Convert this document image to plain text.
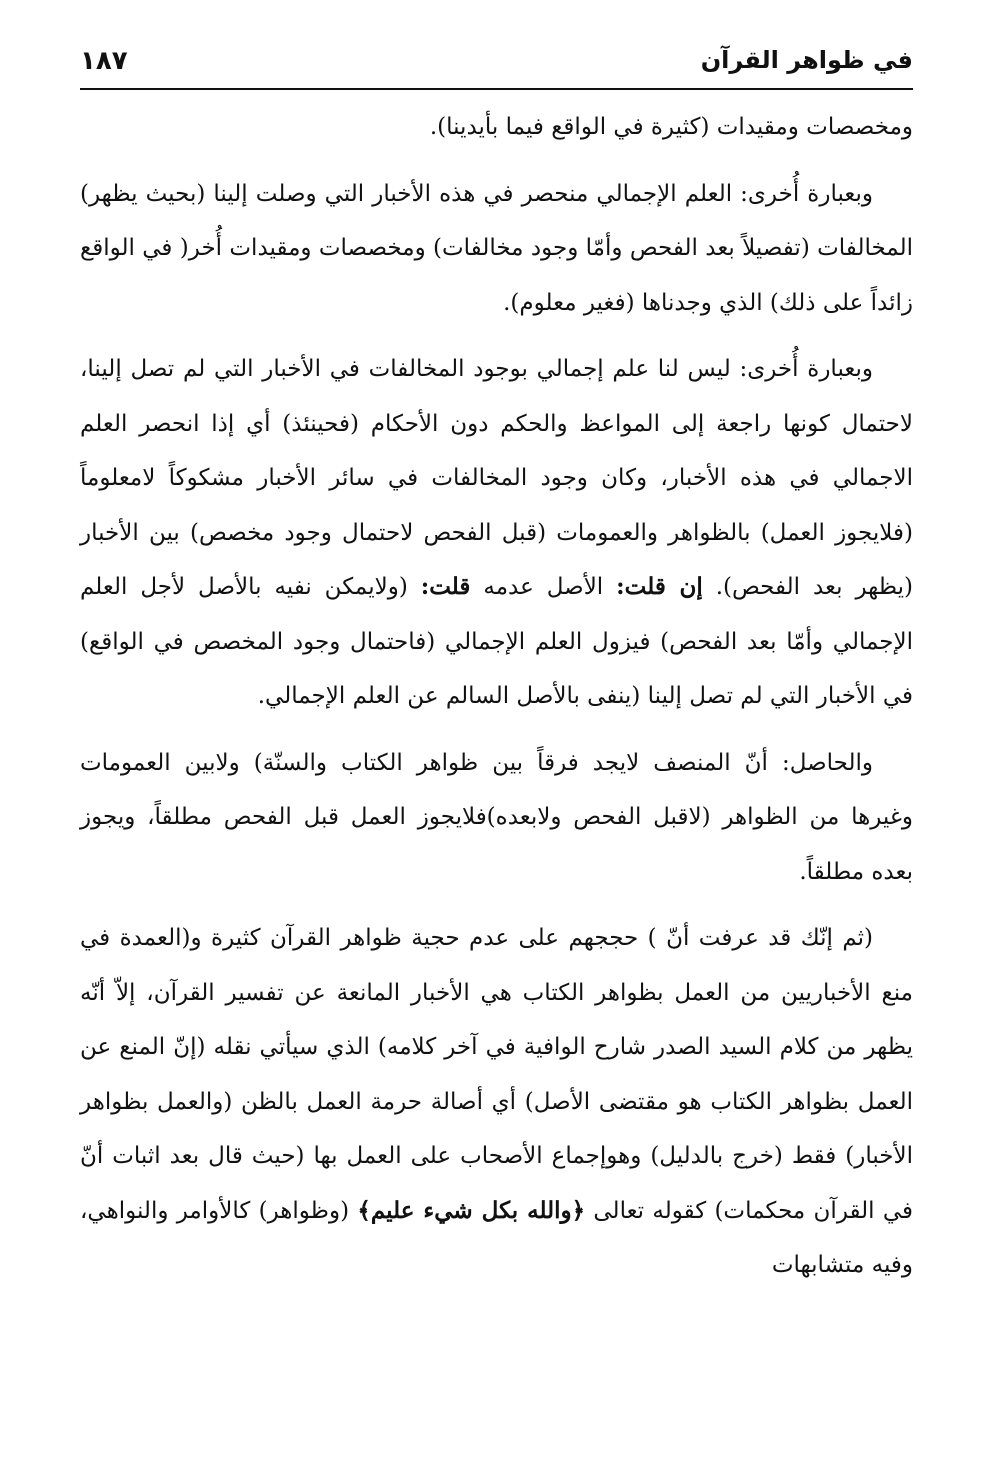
في ظواهر القرآن
١٨٧

ومخصصات ومقيدات (كثيرة في الواقع فيما بأيدينا).

وبعبارة أُخرى: العلم الإجمالي منحصر في هذه الأخبار التي وصلت إلينا (بحيث يظهر) المخالفات (تفصيلاً بعد الفحص وأمّا وجود مخالفات) ومخصصات ومقيدات أُخر( في الواقع زائداً على ذلك) الذي وجدناها (فغير معلوم).

وبعبارة أُخرى: ليس لنا علم إجمالي بوجود المخالفات في الأخبار التي لم تصل إلينا، لاحتمال كونها راجعة إلى المواعظ والحكم دون الأحكام (فحينئذ) أي إذا انحصر العلم الاجمالي في هذه الأخبار، وكان وجود المخالفات في سائر الأخبار مشكوكاً لامعلوماً (فلايجوز العمل) بالظواهر والعمومات (قبل الفحص لاحتمال وجود مخصص) بين الأخبار (يظهر بعد الفحص). إن قلت: الأصل عدمه قلت: (ولايمكن نفيه بالأصل لأجل العلم الإجمالي وأمّا بعد الفحص) فيزول العلم الإجمالي (فاحتمال وجود المخصص في الواقع) في الأخبار التي لم تصل إلينا (ينفى بالأصل السالم عن العلم الإجمالي.

والحاصل: أنّ المنصف لايجد فرقاً بين ظواهر الكتاب والسنّة) ولابين العمومات وغيرها من الظواهر (لاقبل الفحص ولابعده)فلايجوز العمل قبل الفحص مطلقاً، ويجوز بعده مطلقاً.

(ثم إنّك قد عرفت أنّ ) حججهم على عدم حجية ظواهر القرآن كثيرة و(العمدة في منع الأخباريين من العمل بظواهر الكتاب هي الأخبار المانعة عن تفسير القرآن، إلاّ أنّه يظهر من كلام السيد الصدر شارح الوافية في آخر كلامه) الذي سيأتي نقله (إنّ المنع عن العمل بظواهر الكتاب هو مقتضى الأصل) أي أصالة حرمة العمل بالظن (والعمل بظواهر الأخبار) فقط (خرج بالدليل) وهوإجماع الأصحاب على العمل بها (حيث قال بعد اثبات أنّ في القرآن محكمات) كقوله تعالى ﴿والله بكل شيء عليم﴾ (وظواهر) كالأوامر والنواهي، وفيه متشابهات
